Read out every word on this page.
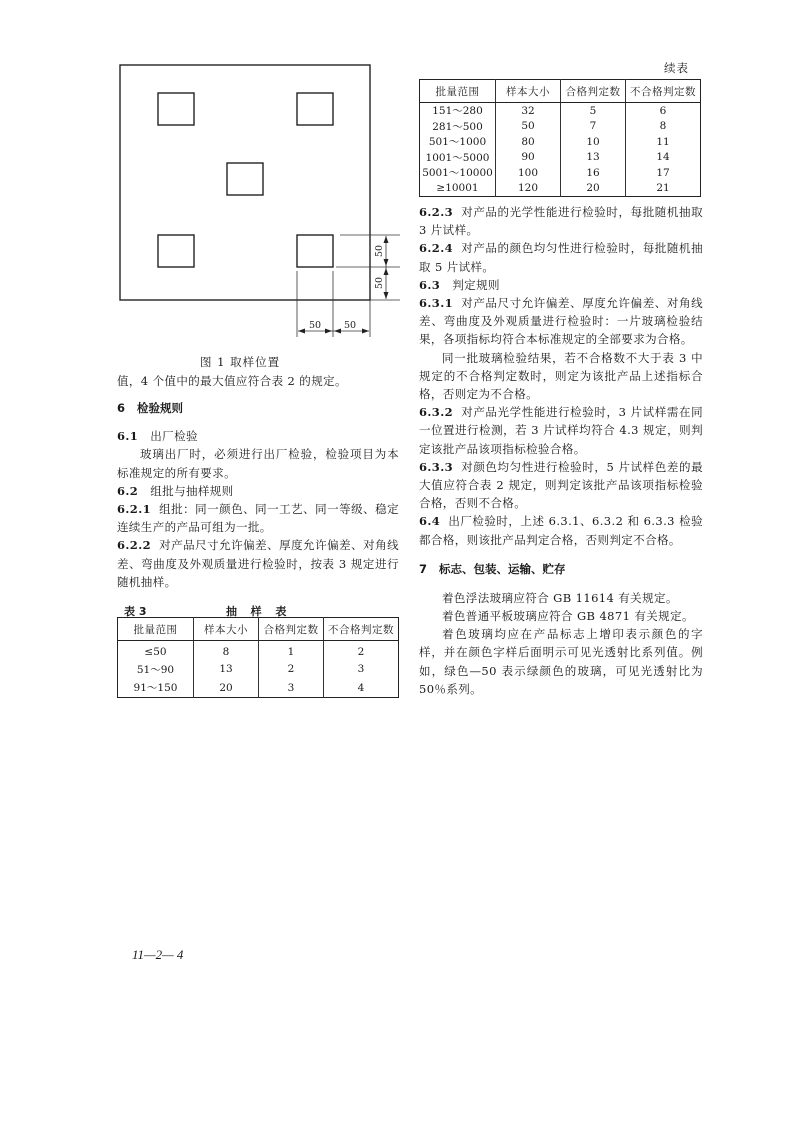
50
50
50 50
图 1 取样位置

值，4 个值中的最大值应符合表 2 的规定。

6 检验规则

6.1 出厂检验

玻璃出厂时，必须进行出厂检验，检验项目为本标准规定的所有要求。

6.2 组批与抽样规则

6.2.1 组批：同一颜色、同一工艺、同一等级、稳定连续生产的产品可组为一批。

6.2.2 对产品尺寸允许偏差、厚度允许偏差、对角线差、弯曲度及外观质量进行检验时，按表 3 规定进行随机抽样。

表 3	抽  样  表
批量范围	样本大小	合格判定数	不合格判定数
≤50	8	1	2
51～90	13	2	3
91～150	20	3	4
续表
批量范围	样本大小	合格判定数	不合格判定数
151～280	32	5	6
281～500	50	7	8
501～1000	80	10	11
1001～5000	90	13	14
5001～10000	100	16	17
≥10001	120	20	21

6.2.3 对产品的光学性能进行检验时，每批随机抽取 3 片试样。

6.2.4 对产品的颜色均匀性进行检验时，每批随机抽取 5 片试样。

6.3 判定规则

6.3.1 对产品尺寸允许偏差、厚度允许偏差、对角线差、弯曲度及外观质量进行检验时：一片玻璃检验结果，各项指标均符合本标准规定的全部要求为合格。

同一批玻璃检验结果，若不合格数不大于表 3 中规定的不合格判定数时，则定为该批产品上述指标合格，否则定为不合格。

6.3.2 对产品光学性能进行检验时，3 片试样需在同一位置进行检测，若 3 片试样均符合 4.3 规定，则判定该批产品该项指标检验合格。

6.3.3 对颜色均匀性进行检验时，5 片试样色差的最大值应符合表 2 规定，则判定该批产品该项指标检验合格，否则不合格。

6.4 出厂检验时，上述 6.3.1、6.3.2 和 6.3.3 检验都合格，则该批产品判定合格，否则判定不合格。

7 标志、包装、运输、贮存

着色浮法玻璃应符合 GB 11614 有关规定。

着色普通平板玻璃应符合 GB 4871 有关规定。

着色玻璃均应在产品标志上增印表示颜色的字样，并在颜色字样后面明示可见光透射比系列值。例如，绿色—50 表示绿颜色的玻璃，可见光透射比为 50％系列。

11—2— 4
